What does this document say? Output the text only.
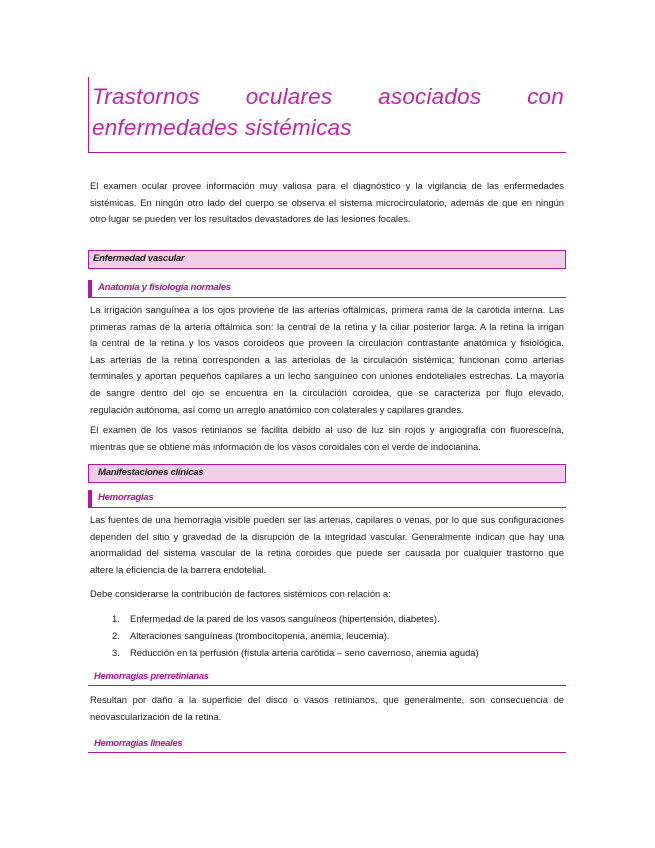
Trastornos oculares asociados con
enfermedades sistémicas
El examen ocular provee información muy valiosa para el diagnóstico y la vigilancia de las enfermedades
sistémicas. En ningún otro lado del cuerpo se observa el sistema microcirculatorio, además de que en ningún
otro lugar se pueden ver los resultados devastadores de las lesiones focales.
Enfermedad vascular
Anatomía y fisiología normales
La irrigación sanguínea a los ojos proviene de las arterias oftálmicas, primera rama de la carótida interna. Las
primeras ramas de la arteria oftálmica son: la central de la retina y la ciliar posterior larga. A la retina la irrigan
la central de la retina y los vasos coroideos que proveen la circulación contrastante anatómica y fisiológica.
Las arterias de la retina corresponden a las arteriolas de la circulación sistémica; funcionan como arterias
terminales y aportan pequeños capilares a un lecho sanguíneo con uniones endoteliales estrechas. La mayoría
de sangre dentro del ojo se encuentra en la circulación coroidea, que se caracteriza por flujo elevado,
regulación autónoma, así como un arreglo anatómico con colaterales y capilares grandes.
El examen de los vasos retinianos se facilita debido al uso de luz sin rojos y angiografía con fluoresceína,
mientras que se obtiene más información de los vasos coroidales con el verde de indocianina.
Manifestaciones clínicas
Hemorragias
Las fuentes de una hemorragia visible pueden ser las arterias, capilares o venas, por lo que sus configuraciones
dependen del sitio y gravedad de la disrupción de la integridad vascular. Generalmente indican que hay una
anormalidad del sistema vascular de la retina coroides que puede ser causada por cualquier trastorno que
altere la eficiencia de la barrera endotelial.
Debe considerarse la contribución de factores sistémicos con relación a:
1.	Enfermedad de la pared de los vasos sanguíneos (hipertensión, diabetes).
2.	Alteraciones sanguíneas (trombocitopenia, anemia, leucemia).
3.	Reducción en la perfusión (fístula arteria carótida – seno cavernoso, anemia aguda)
Hemorragias prerretinianas
Resultan por daño a la superficie del disco o vasos retinianos, que generalmente, son consecuencia de
neovascularización de la retina.
Hemorragias lineales
